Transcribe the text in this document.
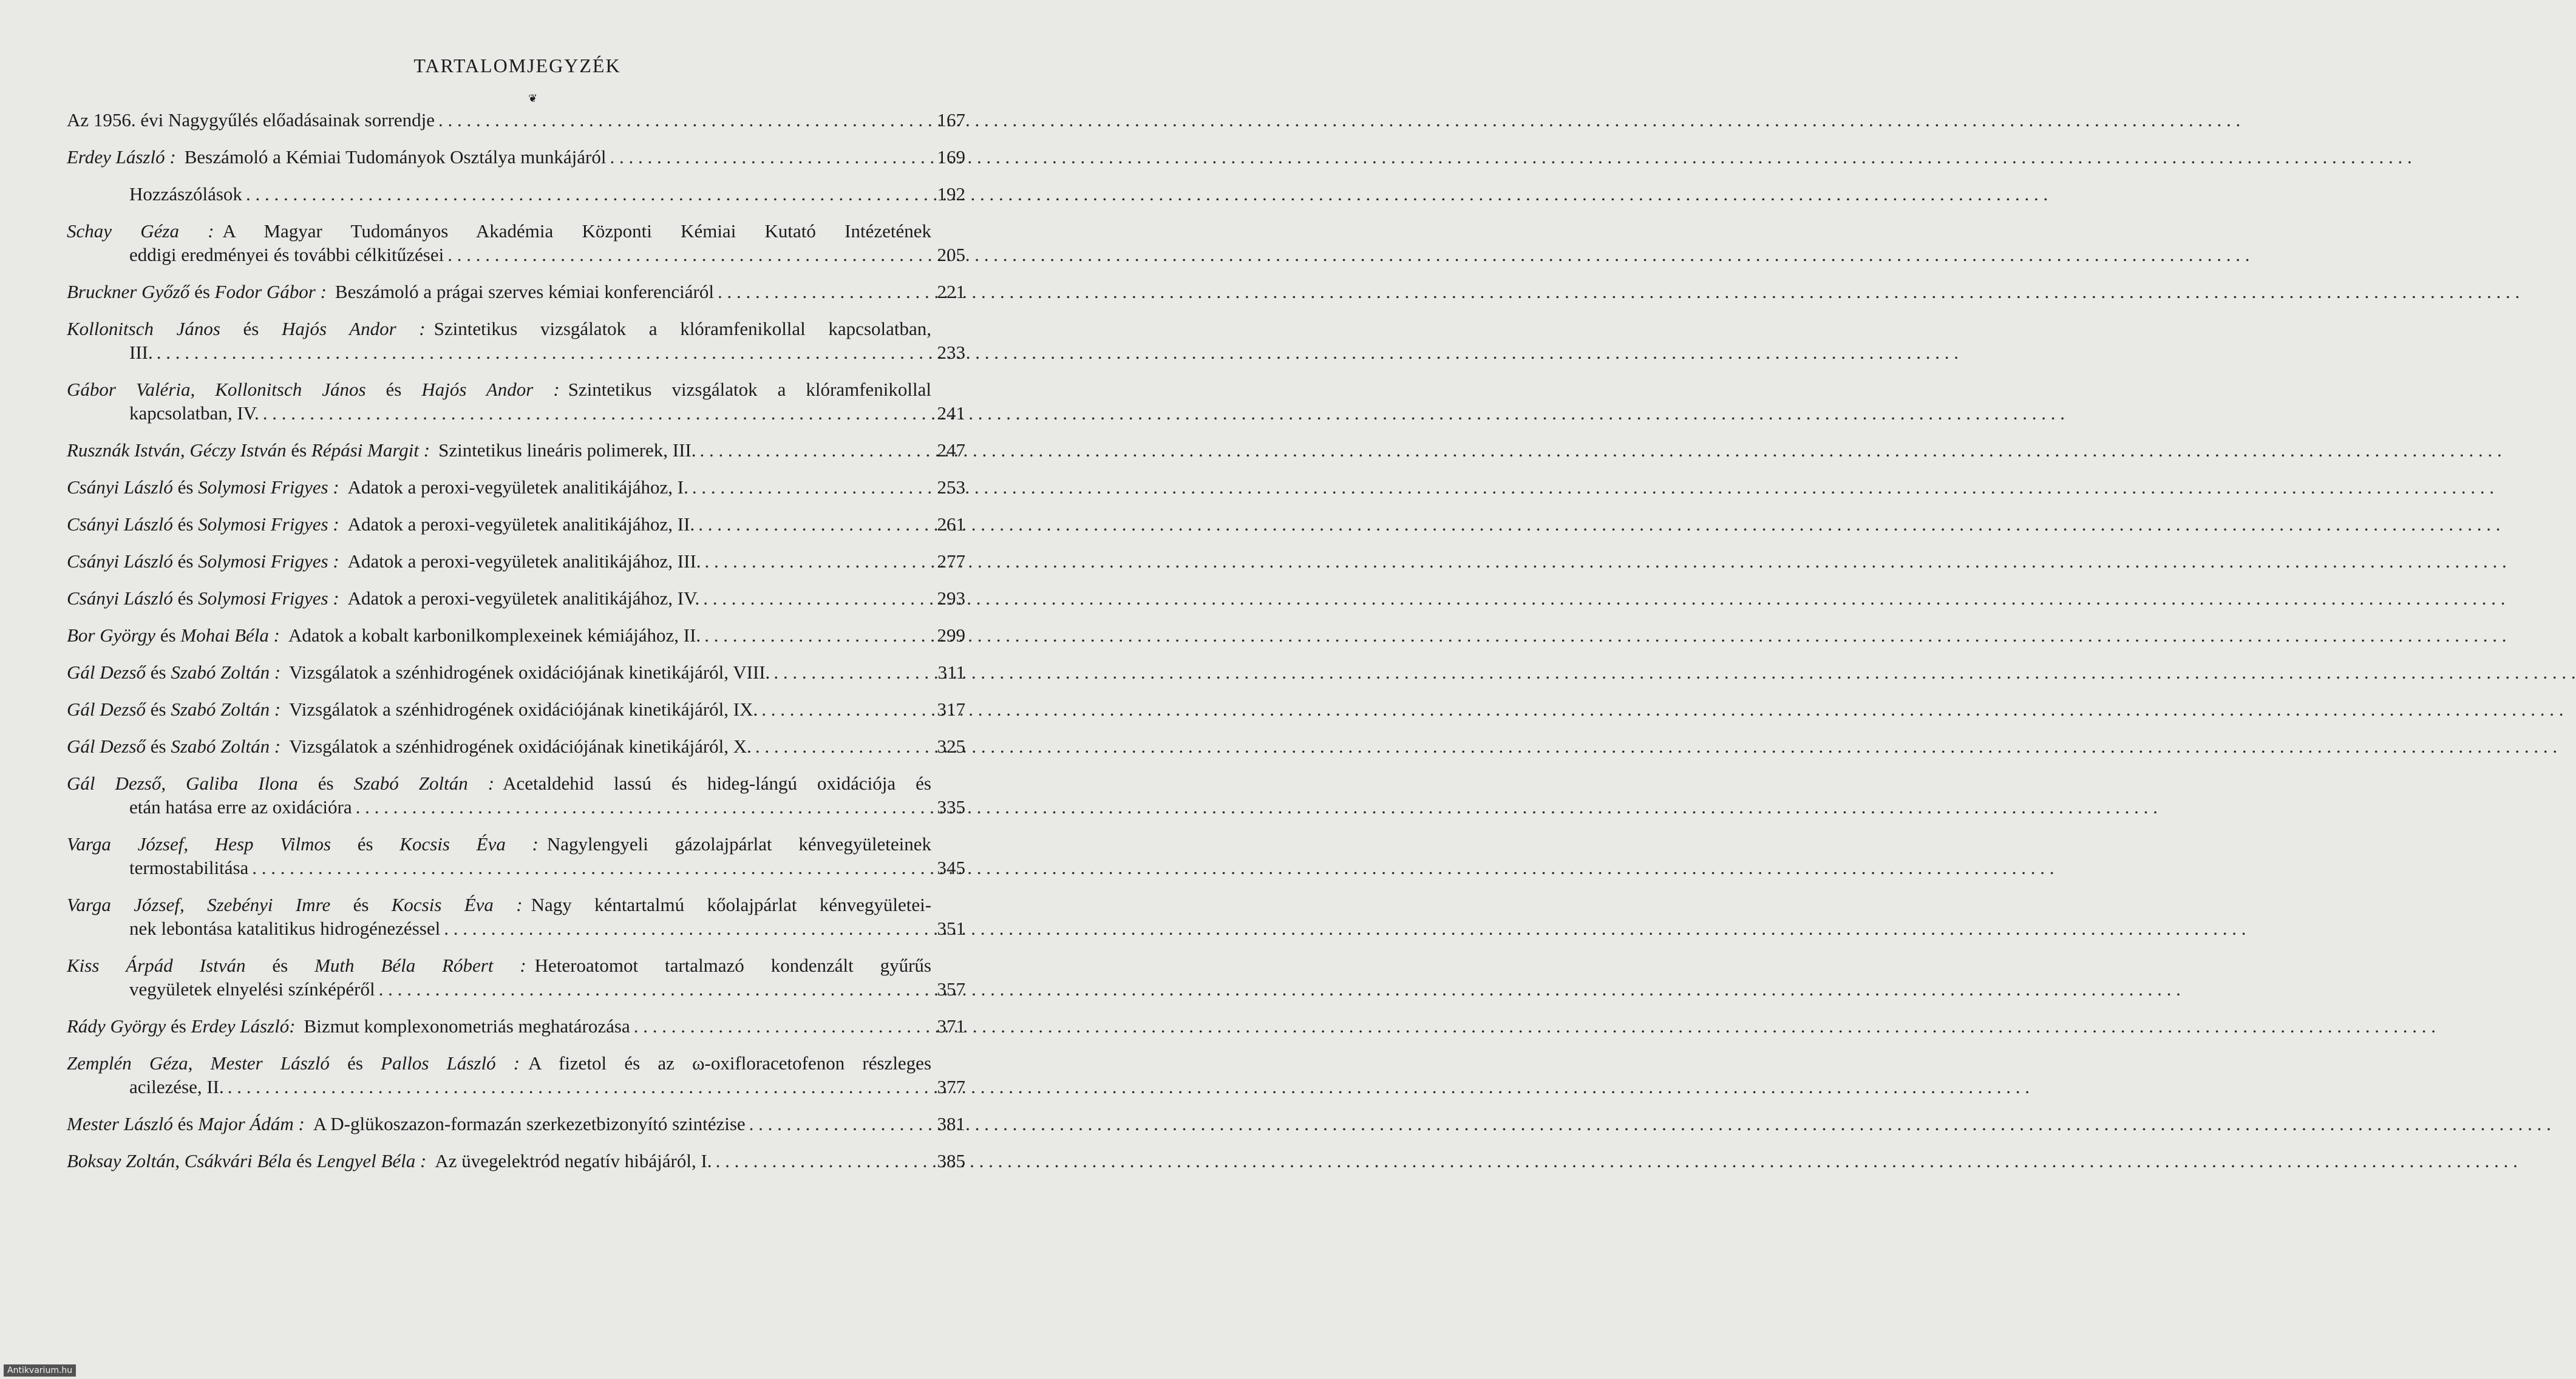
TARTALOMJEGYZÉK
❦
Az 1956. évi Nagygyűlés előadásainak sorrendje . . .	167
Erdey László : Beszámoló a Kémiai Tudományok Osztálya munkájáról . . .	169
Hozzászólások . . .	192
Schay Géza : A Magyar Tudományos Akadémia Központi Kémiai Kutató Intézetének
eddigi eredményei és további célkitűzései . . .	205
Bruckner Győző és Fodor Gábor : Beszámoló a prágai szerves kémiai konferenciáról . . .	221
Kollonitsch János és Hajós Andor : Szintetikus vizsgálatok a klóramfenikollal kapcsolatban,
III. . . .	233
Gábor Valéria, Kollonitsch János és Hajós Andor : Szintetikus vizsgálatok a klóramfenikollal
kapcsolatban, IV. . . .	241
Rusznák István, Géczy István és Répási Margit : Szintetikus lineáris polimerek, III. . . .	247
Csányi László és Solymosi Frigyes : Adatok a peroxi-vegyületek analitikájához, I. . . .	253
Csányi László és Solymosi Frigyes : Adatok a peroxi-vegyületek analitikájához, II. . . .	261
Csányi László és Solymosi Frigyes : Adatok a peroxi-vegyületek analitikájához, III. . . .	277
Csányi László és Solymosi Frigyes : Adatok a peroxi-vegyületek analitikájához, IV. . . .	293
Bor György és Mohai Béla : Adatok a kobalt karbonilkomplexeinek kémiájához, II. . . .	299
Gál Dezső és Szabó Zoltán : Vizsgálatok a szénhidrogének oxidációjának kinetikájáról, VIII. . . .	311
Gál Dezső és Szabó Zoltán : Vizsgálatok a szénhidrogének oxidációjának kinetikájáról, IX. . . .	317
Gál Dezső és Szabó Zoltán : Vizsgálatok a szénhidrogének oxidációjának kinetikájáról, X. . . .	325
Gál Dezső, Galiba Ilona és Szabó Zoltán : Acetaldehid lassú és hideg-lángú oxidációja és
etán hatása erre az oxidációra . . .	335
Varga József, Hesp Vilmos és Kocsis Éva : Nagylengyeli gázolajpárlat kénvegyületeinek
termostabilitása . . .	345
Varga József, Szebényi Imre és Kocsis Éva : Nagy kéntartalmú kőolajpárlat kénvegyületei-
nek lebontása katalitikus hidrogénezéssel . . .	351
Kiss Árpád István és Muth Béla Róbert : Heteroatomot tartalmazó kondenzált gyűrűs
vegyületek elnyelési színképéről . . .	357
Rády György és Erdey László: Bizmut komplexonometriás meghatározása . . .	371
Zemplén Géza, Mester László és Pallos László : A fizetol és az ω-oxifloracetofenon részleges
acilezése, II. . . .	377
Mester László és Major Ádám : A D-glükoszazon-formazán szerkezetbizonyító szintézise . . .	381
Boksay Zoltán, Csákvári Béla és Lengyel Béla : Az üvegelektród negatív hibájáról, I. . . .	385
Antikvarium.hu
